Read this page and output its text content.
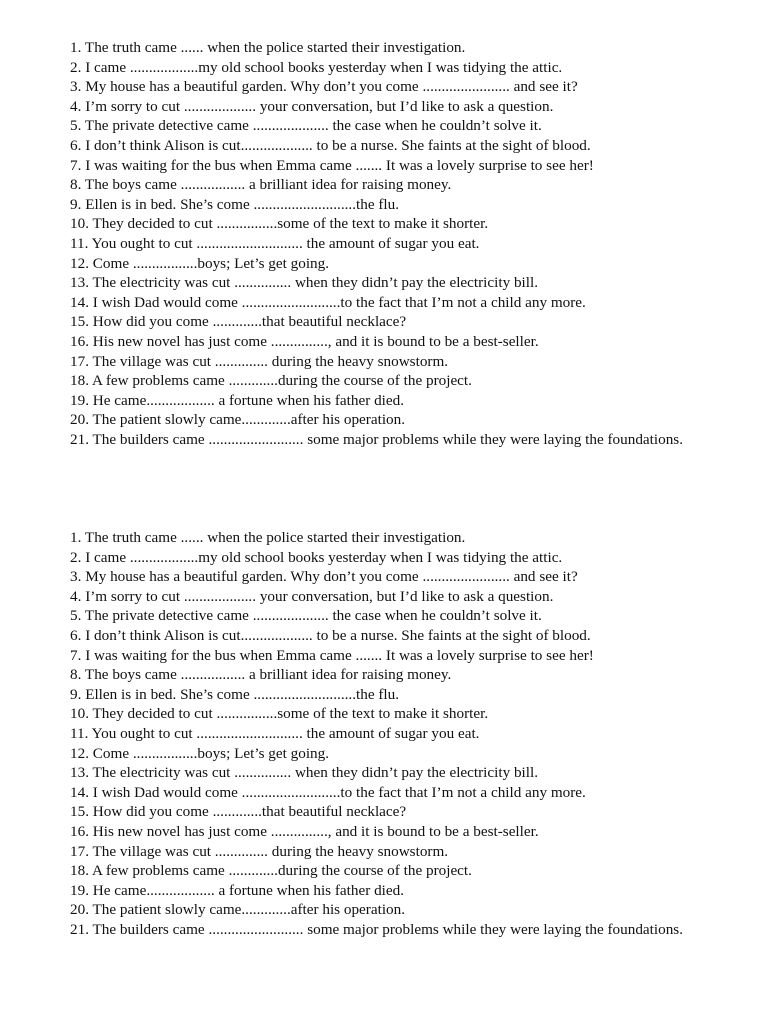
1. The truth came ...... when the police started their investigation.

2. I came ..................my old school books yesterday when I was tidying the attic.

3. My house has a beautiful garden. Why don’t you come ....................... and see it?

4. I’m sorry to cut ................... your conversation, but I’d like to ask a question.

5. The private detective came .................... the case when he couldn’t solve it.

6. I don’t think Alison is cut................... to be a nurse. She faints at the sight of blood.

7. I was waiting for the bus when Emma came ....... It was a lovely surprise to see her!

8. The boys came ................. a brilliant idea for raising money.

9. Ellen is in bed. She’s come ...........................the flu.

10. They decided to cut ................some of the text to make it shorter.

11. You ought to cut ............................ the amount of sugar you eat.

12. Come .................boys; Let’s get going.

13. The electricity was cut ............... when they didn’t pay the electricity bill.

14. I wish Dad would come ..........................to the fact that I’m not a child any more.

15. How did you come .............that beautiful necklace?

16. His new novel has just come ..............., and it is bound to be a best-seller.

17. The village was cut .............. during the heavy snowstorm.

18. A few problems came .............during the course of the project.

19. He came.................. a fortune when his father died.

20. The patient slowly came.............after his operation.

21. The builders came ......................... some major problems while they were laying the foundations.

1. The truth came ...... when the police started their investigation.

2. I came ..................my old school books yesterday when I was tidying the attic.

3. My house has a beautiful garden. Why don’t you come ....................... and see it?

4. I’m sorry to cut ................... your conversation, but I’d like to ask a question.

5. The private detective came .................... the case when he couldn’t solve it.

6. I don’t think Alison is cut................... to be a nurse. She faints at the sight of blood.

7. I was waiting for the bus when Emma came ....... It was a lovely surprise to see her!

8. The boys came ................. a brilliant idea for raising money.

9. Ellen is in bed. She’s come ...........................the flu.

10. They decided to cut ................some of the text to make it shorter.

11. You ought to cut ............................ the amount of sugar you eat.

12. Come .................boys; Let’s get going.

13. The electricity was cut ............... when they didn’t pay the electricity bill.

14. I wish Dad would come ..........................to the fact that I’m not a child any more.

15. How did you come .............that beautiful necklace?

16. His new novel has just come ..............., and it is bound to be a best-seller.

17. The village was cut .............. during the heavy snowstorm.

18. A few problems came .............during the course of the project.

19. He came.................. a fortune when his father died.

20. The patient slowly came.............after his operation.

21. The builders came ......................... some major problems while they were laying the foundations.
